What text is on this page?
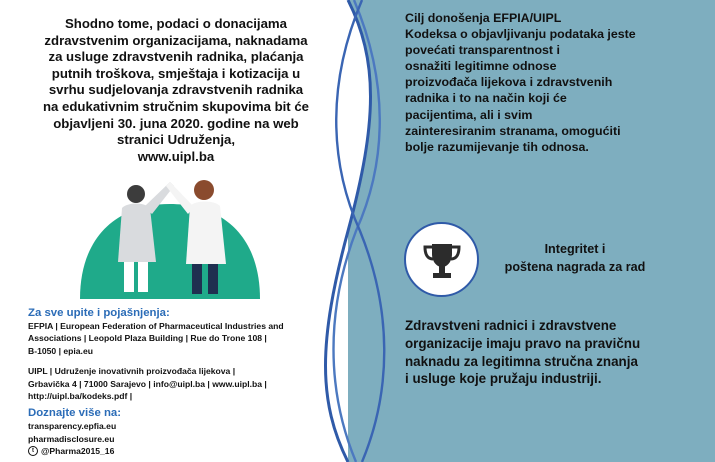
Shodno tome, podaci o donacijama
zdravstvenim organizacijama, naknadama
za usluge zdravstvenih radnika, plaćanja
putnih troškova, smještaja i kotizacija u
svrhu sudjelovanja zdravstvenih radnika
na edukativnim stručnim skupovima bit će
objavljeni 30. juna 2020. godine na web
stranici Udruženja,
www.uipl.ba
Za sve upite i pojašnjenja:
EFPIA | European Federation of Pharmaceutical Industries and
Associations | Leopold Plaza Building | Rue do Trone 108 |
B-1050 | epia.eu
UIPL | Udruženje inovativnih proizvođača lijekova |
Grbavička 4 | 71000 Sarajevo | info@uipl.ba | www.uipl.ba |
http://uipl.ba/kodeks.pdf |
Doznajte više na:
transparency.epfia.eu
pharmadisclosure.eu
t @Pharma2015_16
Cilj donošenja EFPIA/UIPL
Kodeksa o objavljivanju podataka jeste
povećati transparentnost i
osnažiti legitimne odnose
proizvođača lijekova i zdravstvenih
radnika i to na način koji će
pacijentima, ali i svim
zainteresiranim stranama, omogućiti
bolje razumijevanje tih odnosa.
Integritet i
poštena nagrada za rad
Zdravstveni radnici i zdravstvene
organizacije imaju pravo na pravičnu
naknadu za legitimna stručna znanja
i usluge koje pružaju industriji.
